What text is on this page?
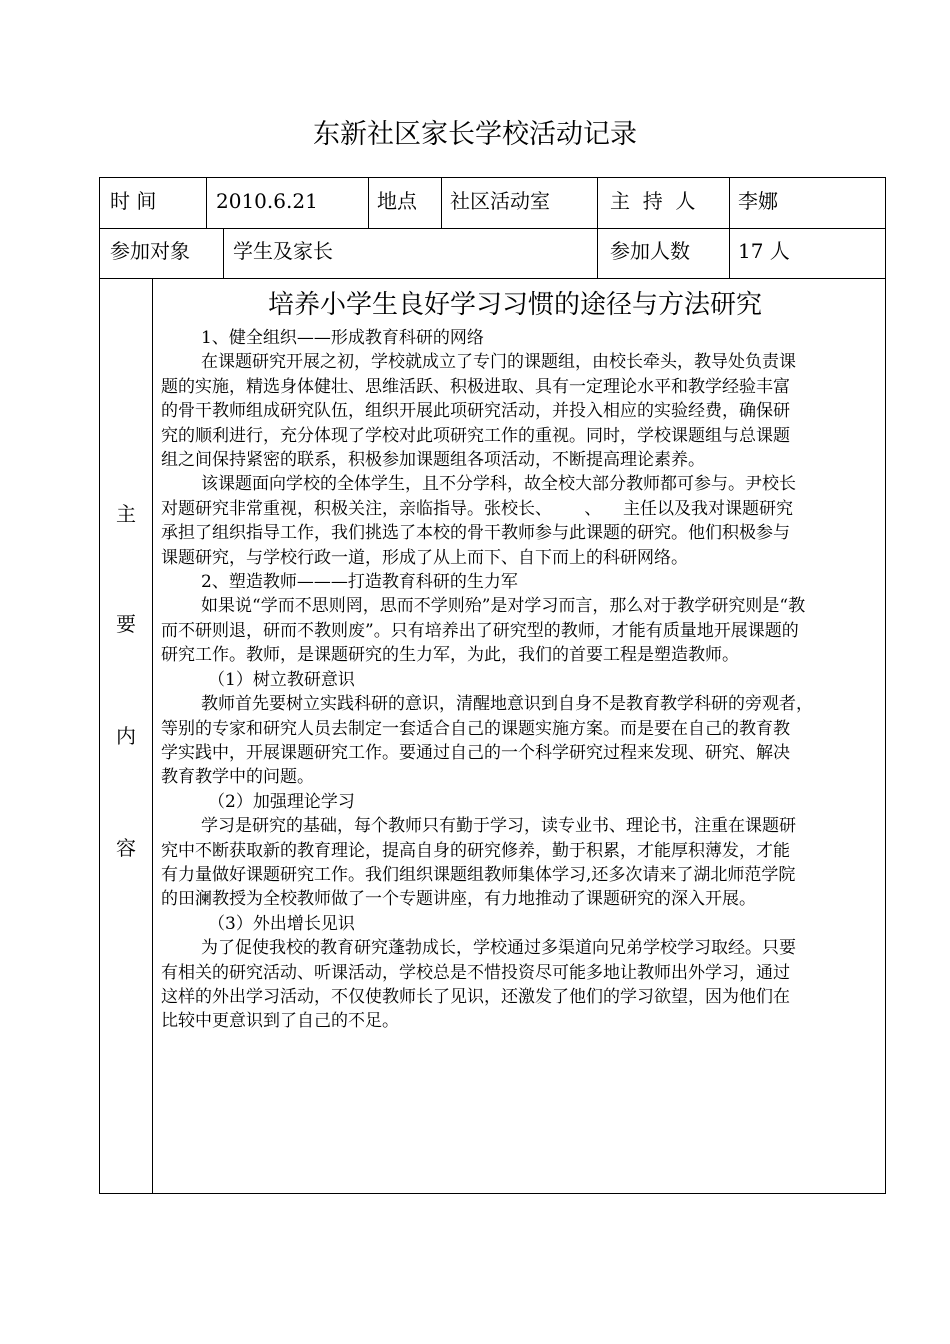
东新社区家长学校活动记录
时 间	2010.6.21	地点 社区活动室	主  持  人 李娜
参加对象 学生及家长	参加人数 17 人
主
要
内
容
培养小学生良好学习习惯的途径与方法研究

1、健全组织——形成教育科研的网络

在课题研究开展之初，学校就成立了专门的课题组，由校长牵头，教导处负责课

题的实施，精选身体健壮、思维活跃、积极进取、具有一定理论水平和教学经验丰富

的骨干教师组成研究队伍，组织开展此项研究活动，并投入相应的实验经费，确保研

究的顺利进行，充分体现了学校对此项研究工作的重视。同时，学校课题组与总课题

组之间保持紧密的联系，积极参加课题组各项活动，不断提高理论素养。

该课题面向学校的全体学生，且不分学科，故全校大部分教师都可参与。尹校长

对题研究非常重视，积极关注，亲临指导。张校长、      、    主任以及我对课题研究

承担了组织指导工作，我们挑选了本校的骨干教师参与此课题的研究。他们积极参与

课题研究，与学校行政一道，形成了从上而下、自下而上的科研网络。

2、塑造教师———打造教育科研的生力军

如果说“学而不思则罔，思而不学则殆”是对学习而言，那么对于教学研究则是“教

而不研则退，研而不教则废”。只有培养出了研究型的教师，才能有质量地开展课题的

研究工作。教师，是课题研究的生力军，为此，我们的首要工程是塑造教师。

（1）树立教研意识

教师首先要树立实践科研的意识，清醒地意识到自身不是教育教学科研的旁观者，

等别的专家和研究人员去制定一套适合自己的课题实施方案。而是要在自己的教育教

学实践中，开展课题研究工作。要通过自己的一个科学研究过程来发现、研究、解决

教育教学中的问题。

（2）加强理论学习

学习是研究的基础，每个教师只有勤于学习，读专业书、理论书，注重在课题研

究中不断获取新的教育理论，提高自身的研究修养，勤于积累，才能厚积薄发，才能

有力量做好课题研究工作。我们组织课题组教师集体学习,还多次请来了湖北师范学院

的田澜教授为全校教师做了一个专题讲座，有力地推动了课题研究的深入开展。

（3）外出增长见识

为了促使我校的教育研究蓬勃成长，学校通过多渠道向兄弟学校学习取经。只要

有相关的研究活动、听课活动，学校总是不惜投资尽可能多地让教师出外学习，通过

这样的外出学习活动，不仅使教师长了见识，还激发了他们的学习欲望，因为他们在

比较中更意识到了自己的不足。
